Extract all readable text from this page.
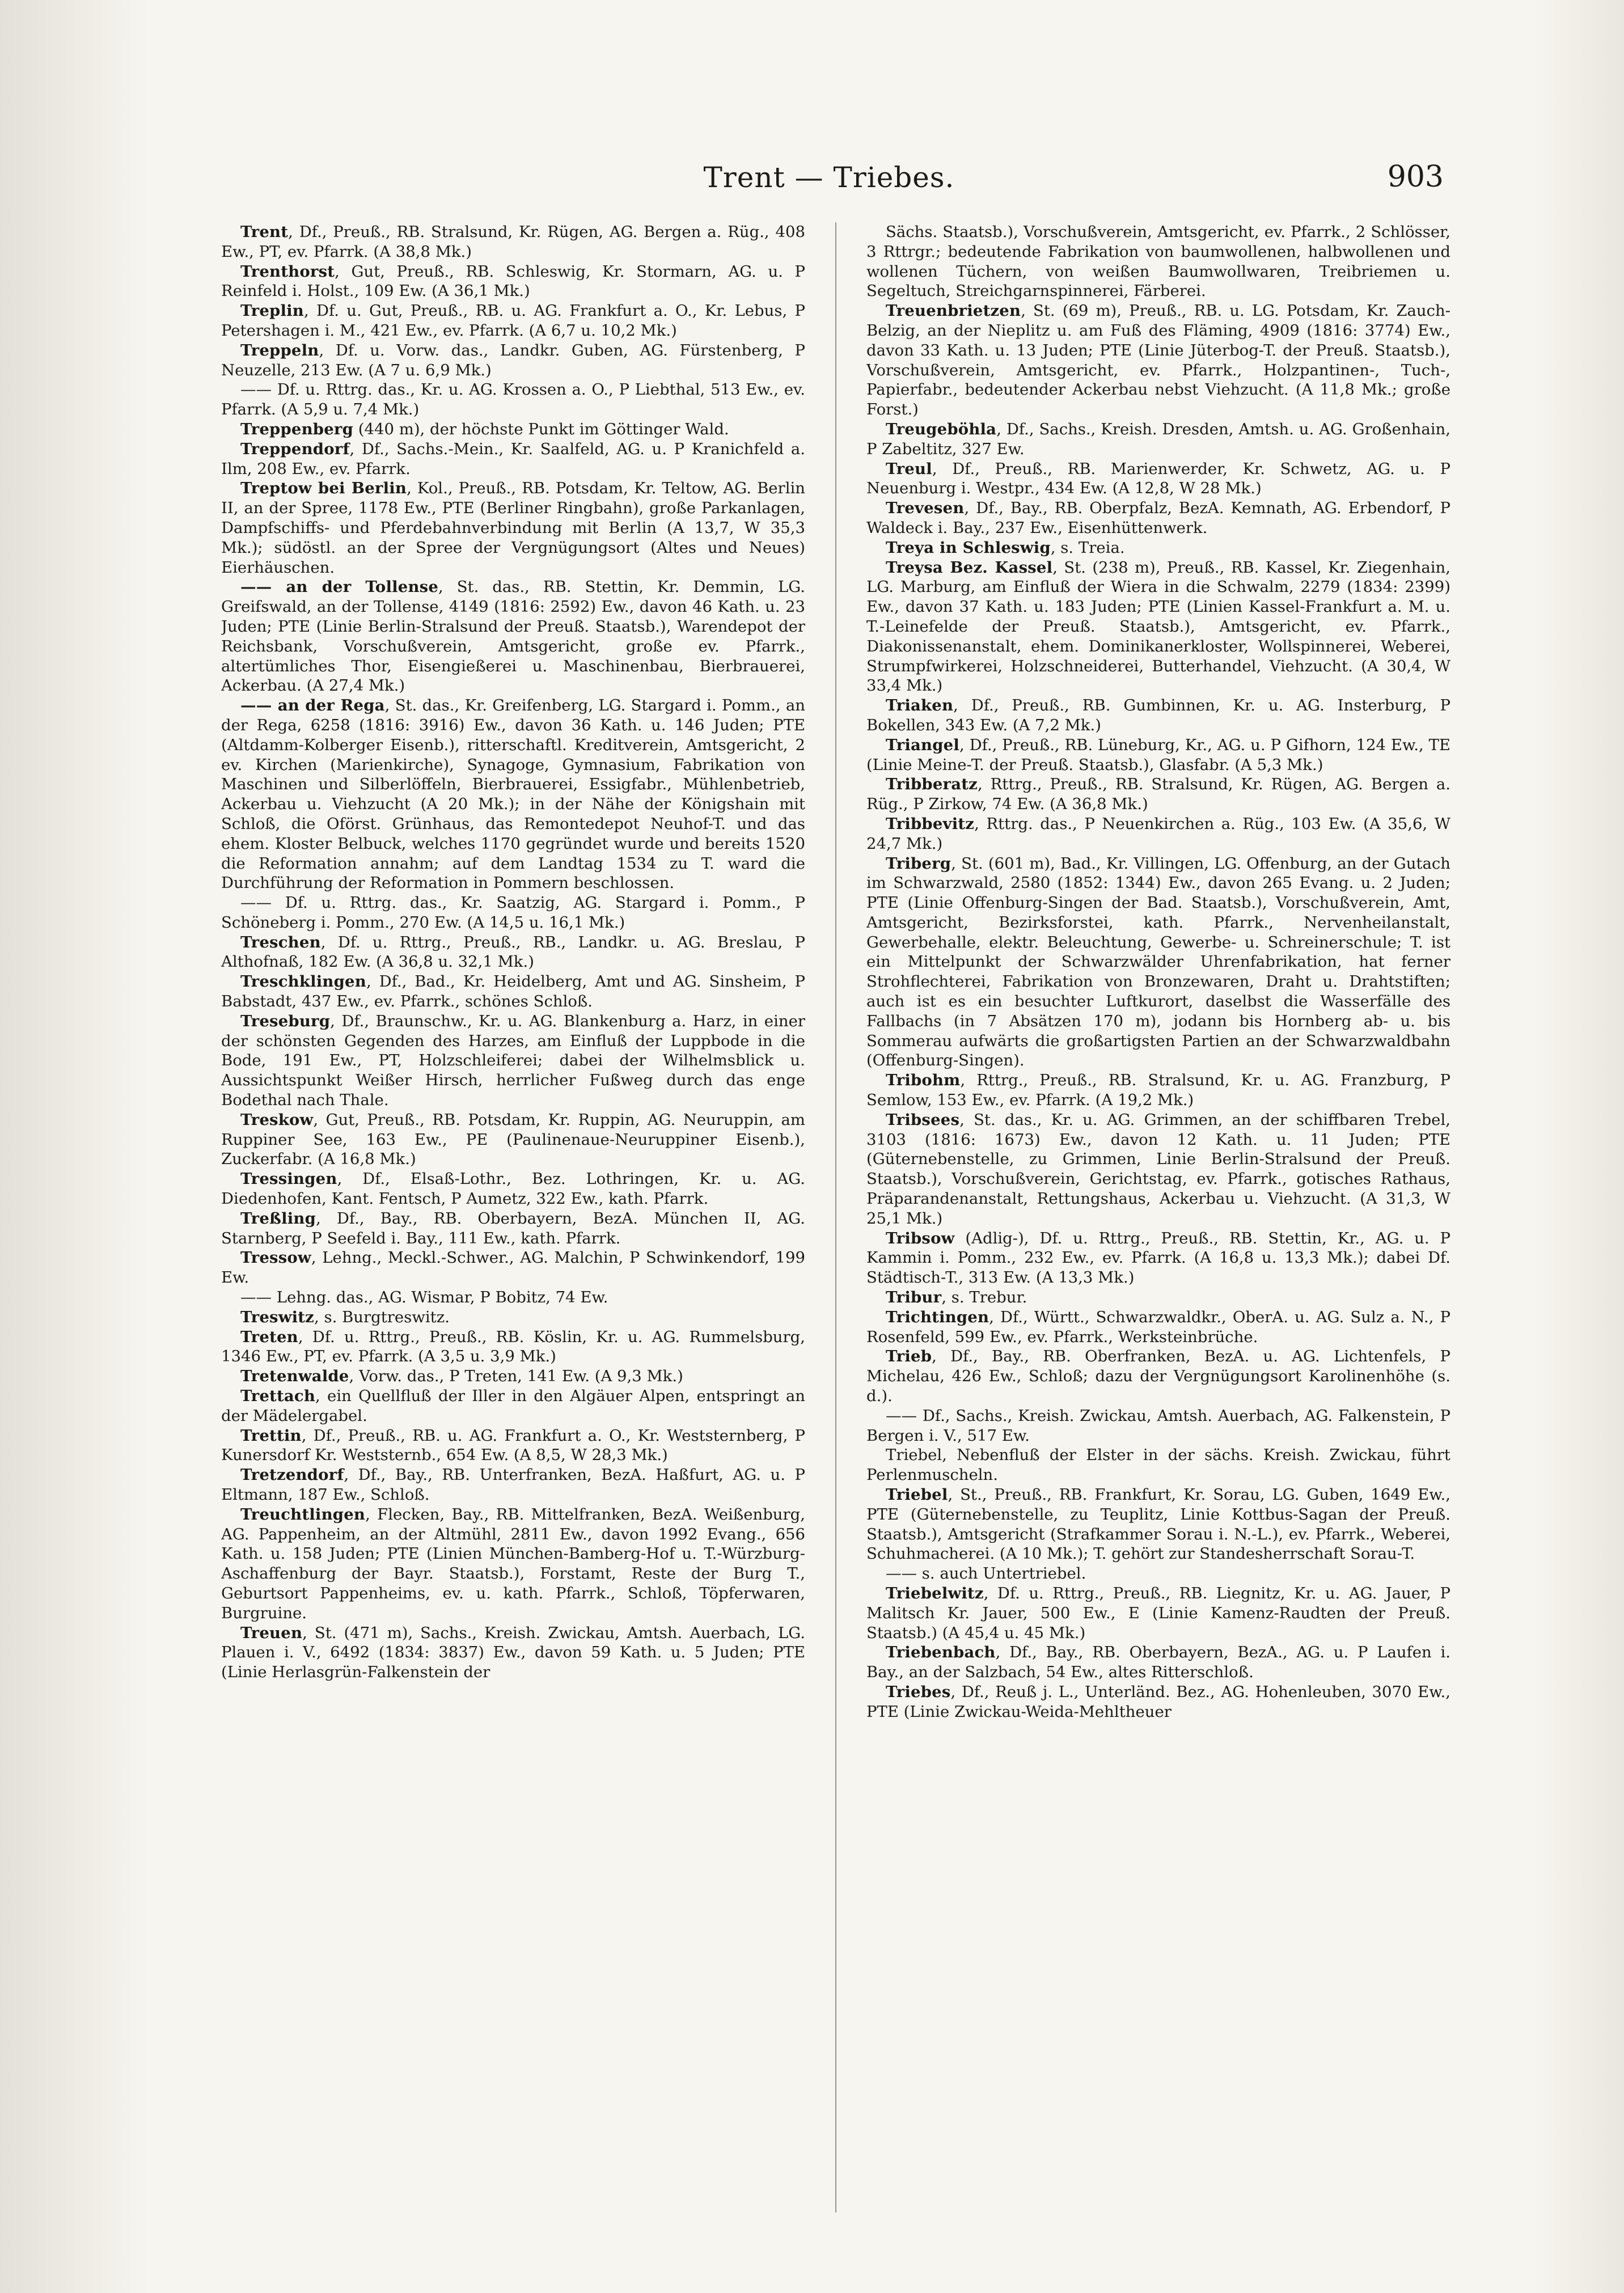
Trent — Triebes.	903

Trent, Df., Preuß., RB. Stralsund, Kr. Rügen, AG. Bergen a. Rüg., 408 Ew., PT, ev. Pfarrk. (A 38,8 Mk.)

Trenthorst, Gut, Preuß., RB. Schleswig, Kr. Stormarn, AG. u. P Reinfeld i. Holst., 109 Ew. (A 36,1 Mk.)

Treplin, Df. u. Gut, Preuß., RB. u. AG. Frankfurt a. O., Kr. Lebus, P Petershagen i. M., 421 Ew., ev. Pfarrk. (A 6,7 u. 10,2 Mk.)

Treppeln, Df. u. Vorw. das., Landkr. Guben, AG. Fürstenberg, P Neuzelle, 213 Ew. (A 7 u. 6,9 Mk.)

—— Df. u. Rttrg. das., Kr. u. AG. Krossen a. O., P Liebthal, 513 Ew., ev. Pfarrk. (A 5,9 u. 7,4 Mk.)

Treppenberg (440 m), der höchste Punkt im Göttinger Wald.

Treppendorf, Df., Sachs.-Mein., Kr. Saalfeld, AG. u. P Kranichfeld a. Ilm, 208 Ew., ev. Pfarrk.

Treptow bei Berlin, Kol., Preuß., RB. Potsdam, Kr. Teltow, AG. Berlin II, an der Spree, 1178 Ew., PTE (Berliner Ringbahn), große Parkanlagen, Dampfschiffs- und Pferdebahnverbindung mit Berlin (A 13,7, W 35,3 Mk.); südöstl. an der Spree der Vergnügungsort (Altes und Neues) Eierhäuschen.

—— an der Tollense, St. das., RB. Stettin, Kr. Demmin, LG. Greifswald, an der Tollense, 4149 (1816: 2592) Ew., davon 46 Kath. u. 23 Juden; PTE (Linie Berlin-Stralsund der Preuß. Staatsb.), Warendepot der Reichsbank, Vorschußverein, Amtsgericht, große ev. Pfarrk., altertümliches Thor, Eisengießerei u. Maschinenbau, Bierbrauerei, Ackerbau. (A 27,4 Mk.)

—— an der Rega, St. das., Kr. Greifenberg, LG. Stargard i. Pomm., an der Rega, 6258 (1816: 3916) Ew., davon 36 Kath. u. 146 Juden; PTE (Altdamm-Kolberger Eisenb.), ritterschaftl. Kreditverein, Amtsgericht, 2 ev. Kirchen (Marienkirche), Synagoge, Gymnasium, Fabrikation von Maschinen und Silberlöffeln, Bierbrauerei, Essigfabr., Mühlenbetrieb, Ackerbau u. Viehzucht (A 20 Mk.); in der Nähe der Königshain mit Schloß, die Oförst. Grünhaus, das Remontedepot Neuhof-T. und das ehem. Kloster Belbuck, welches 1170 gegründet wurde und bereits 1520 die Reformation annahm; auf dem Landtag 1534 zu T. ward die Durchführung der Reformation in Pommern beschlossen.

—— Df. u. Rttrg. das., Kr. Saatzig, AG. Stargard i. Pomm., P Schöneberg i. Pomm., 270 Ew. (A 14,5 u. 16,1 Mk.)

Treschen, Df. u. Rttrg., Preuß., RB., Landkr. u. AG. Breslau, P Althofnaß, 182 Ew. (A 36,8 u. 32,1 Mk.)

Treschklingen, Df., Bad., Kr. Heidelberg, Amt und AG. Sinsheim, P Babstadt, 437 Ew., ev. Pfarrk., schönes Schloß.

Treseburg, Df., Braunschw., Kr. u. AG. Blankenburg a. Harz, in einer der schönsten Gegenden des Harzes, am Einfluß der Luppbode in die Bode, 191 Ew., PT, Holzschleiferei; dabei der Wilhelmsblick u. Aussichtspunkt Weißer Hirsch, herrlicher Fußweg durch das enge Bodethal nach Thale.

Treskow, Gut, Preuß., RB. Potsdam, Kr. Ruppin, AG. Neuruppin, am Ruppiner See, 163 Ew., PE (Paulinenaue-Neuruppiner Eisenb.), Zuckerfabr. (A 16,8 Mk.)

Tressingen, Df., Elsaß-Lothr., Bez. Lothringen, Kr. u. AG. Diedenhofen, Kant. Fentsch, P Aumetz, 322 Ew., kath. Pfarrk.

Treßling, Df., Bay., RB. Oberbayern, BezA. München II, AG. Starnberg, P Seefeld i. Bay., 111 Ew., kath. Pfarrk.

Tressow, Lehng., Meckl.-Schwer., AG. Malchin, P Schwinkendorf, 199 Ew.

—— Lehng. das., AG. Wismar, P Bobitz, 74 Ew.

Treswitz, s. Burgtreswitz.

Treten, Df. u. Rttrg., Preuß., RB. Köslin, Kr. u. AG. Rummelsburg, 1346 Ew., PT, ev. Pfarrk. (A 3,5 u. 3,9 Mk.)

Tretenwalde, Vorw. das., P Treten, 141 Ew. (A 9,3 Mk.)

Trettach, ein Quellfluß der Iller in den Algäuer Alpen, entspringt an der Mädelergabel.

Trettin, Df., Preuß., RB. u. AG. Frankfurt a. O., Kr. Weststernberg, P Kunersdorf Kr. Weststernb., 654 Ew. (A 8,5, W 28,3 Mk.)

Tretzendorf, Df., Bay., RB. Unterfranken, BezA. Haßfurt, AG. u. P Eltmann, 187 Ew., Schloß.

Treuchtlingen, Flecken, Bay., RB. Mittelfranken, BezA. Weißenburg, AG. Pappenheim, an der Altmühl, 2811 Ew., davon 1992 Evang., 656 Kath. u. 158 Juden; PTE (Linien München-Bamberg-Hof u. T.-Würzburg-Aschaffenburg der Bayr. Staatsb.), Forstamt, Reste der Burg T., Geburtsort Pappenheims, ev. u. kath. Pfarrk., Schloß, Töpferwaren, Burgruine.

Treuen, St. (471 m), Sachs., Kreish. Zwickau, Amtsh. Auerbach, LG. Plauen i. V., 6492 (1834: 3837) Ew., davon 59 Kath. u. 5 Juden; PTE (Linie Herlasgrün-Falkenstein der

Sächs. Staatsb.), Vorschußverein, Amtsgericht, ev. Pfarrk., 2 Schlösser, 3 Rttrgr.; bedeutende Fabrikation von baumwollenen, halbwollenen und wollenen Tüchern, von weißen Baumwollwaren, Treibriemen u. Segeltuch, Streichgarnspinnerei, Färberei.

Treuenbrietzen, St. (69 m), Preuß., RB. u. LG. Potsdam, Kr. Zauch-Belzig, an der Nieplitz u. am Fuß des Fläming, 4909 (1816: 3774) Ew., davon 33 Kath. u. 13 Juden; PTE (Linie Jüterbog-T. der Preuß. Staatsb.), Vorschußverein, Amtsgericht, ev. Pfarrk., Holzpantinen-, Tuch-, Papierfabr., bedeutender Ackerbau nebst Viehzucht. (A 11,8 Mk.; große Forst.)

Treugeböhla, Df., Sachs., Kreish. Dresden, Amtsh. u. AG. Großenhain, P Zabeltitz, 327 Ew.

Treul, Df., Preuß., RB. Marienwerder, Kr. Schwetz, AG. u. P Neuenburg i. Westpr., 434 Ew. (A 12,8, W 28 Mk.)

Trevesen, Df., Bay., RB. Oberpfalz, BezA. Kemnath, AG. Erbendorf, P Waldeck i. Bay., 237 Ew., Eisenhüttenwerk.

Treya in Schleswig, s. Treia.

Treysa Bez. Kassel, St. (238 m), Preuß., RB. Kassel, Kr. Ziegenhain, LG. Marburg, am Einfluß der Wiera in die Schwalm, 2279 (1834: 2399) Ew., davon 37 Kath. u. 183 Juden; PTE (Linien Kassel-Frankfurt a. M. u. T.-Leinefelde der Preuß. Staatsb.), Amtsgericht, ev. Pfarrk., Diakonissenanstalt, ehem. Dominikanerkloster, Wollspinnerei, Weberei, Strumpfwirkerei, Holzschneiderei, Butterhandel, Viehzucht. (A 30,4, W 33,4 Mk.)

Triaken, Df., Preuß., RB. Gumbinnen, Kr. u. AG. Insterburg, P Bokellen, 343 Ew. (A 7,2 Mk.)

Triangel, Df., Preuß., RB. Lüneburg, Kr., AG. u. P Gifhorn, 124 Ew., TE (Linie Meine-T. der Preuß. Staatsb.), Glasfabr. (A 5,3 Mk.)

Tribberatz, Rttrg., Preuß., RB. Stralsund, Kr. Rügen, AG. Bergen a. Rüg., P Zirkow, 74 Ew. (A 36,8 Mk.)

Tribbevitz, Rttrg. das., P Neuenkirchen a. Rüg., 103 Ew. (A 35,6, W 24,7 Mk.)

Triberg, St. (601 m), Bad., Kr. Villingen, LG. Offenburg, an der Gutach im Schwarzwald, 2580 (1852: 1344) Ew., davon 265 Evang. u. 2 Juden; PTE (Linie Offenburg-Singen der Bad. Staatsb.), Vorschußverein, Amt, Amtsgericht, Bezirksforstei, kath. Pfarrk., Nervenheilanstalt, Gewerbehalle, elektr. Beleuchtung, Gewerbe- u. Schreinerschule; T. ist ein Mittelpunkt der Schwarzwälder Uhrenfabrikation, hat ferner Strohflechterei, Fabrikation von Bronzewaren, Draht u. Drahtstiften; auch ist es ein besuchter Luftkurort, daselbst die Wasserfälle des Fallbachs (in 7 Absätzen 170 m), jodann bis Hornberg ab- u. bis Sommerau aufwärts die großartigsten Partien an der Schwarzwaldbahn (Offenburg-Singen).

Tribohm, Rttrg., Preuß., RB. Stralsund, Kr. u. AG. Franzburg, P Semlow, 153 Ew., ev. Pfarrk. (A 19,2 Mk.)

Tribsees, St. das., Kr. u. AG. Grimmen, an der schiffbaren Trebel, 3103 (1816: 1673) Ew., davon 12 Kath. u. 11 Juden; PTE (Güternebenstelle, zu Grimmen, Linie Berlin-Stralsund der Preuß. Staatsb.), Vorschußverein, Gerichtstag, ev. Pfarrk., gotisches Rathaus, Präparandenanstalt, Rettungshaus, Ackerbau u. Viehzucht. (A 31,3, W 25,1 Mk.)

Tribsow (Adlig-), Df. u. Rttrg., Preuß., RB. Stettin, Kr., AG. u. P Kammin i. Pomm., 232 Ew., ev. Pfarrk. (A 16,8 u. 13,3 Mk.); dabei Df. Städtisch-T., 313 Ew. (A 13,3 Mk.)

Tribur, s. Trebur.

Trichtingen, Df., Württ., Schwarzwaldkr., OberA. u. AG. Sulz a. N., P Rosenfeld, 599 Ew., ev. Pfarrk., Werksteinbrüche.

Trieb, Df., Bay., RB. Oberfranken, BezA. u. AG. Lichtenfels, P Michelau, 426 Ew., Schloß; dazu der Vergnügungsort Karolinenhöhe (s. d.).

—— Df., Sachs., Kreish. Zwickau, Amtsh. Auerbach, AG. Falkenstein, P Bergen i. V., 517 Ew.

Triebel, Nebenfluß der Elster in der sächs. Kreish. Zwickau, führt Perlenmuscheln.

Triebel, St., Preuß., RB. Frankfurt, Kr. Sorau, LG. Guben, 1649 Ew., PTE (Güternebenstelle, zu Teuplitz, Linie Kottbus-Sagan der Preuß. Staatsb.), Amtsgericht (Strafkammer Sorau i. N.-L.), ev. Pfarrk., Weberei, Schuhmacherei. (A 10 Mk.); T. gehört zur Standesherrschaft Sorau-T.

—— s. auch Untertriebel.

Triebelwitz, Df. u. Rttrg., Preuß., RB. Liegnitz, Kr. u. AG. Jauer, P Malitsch Kr. Jauer, 500 Ew., E (Linie Kamenz-Raudten der Preuß. Staatsb.) (A 45,4 u. 45 Mk.)

Triebenbach, Df., Bay., RB. Oberbayern, BezA., AG. u. P Laufen i. Bay., an der Salzbach, 54 Ew., altes Ritterschloß.

Triebes, Df., Reuß j. L., Unterländ. Bez., AG. Hohenleuben, 3070 Ew., PTE (Linie Zwickau-Weida-Mehltheuer
